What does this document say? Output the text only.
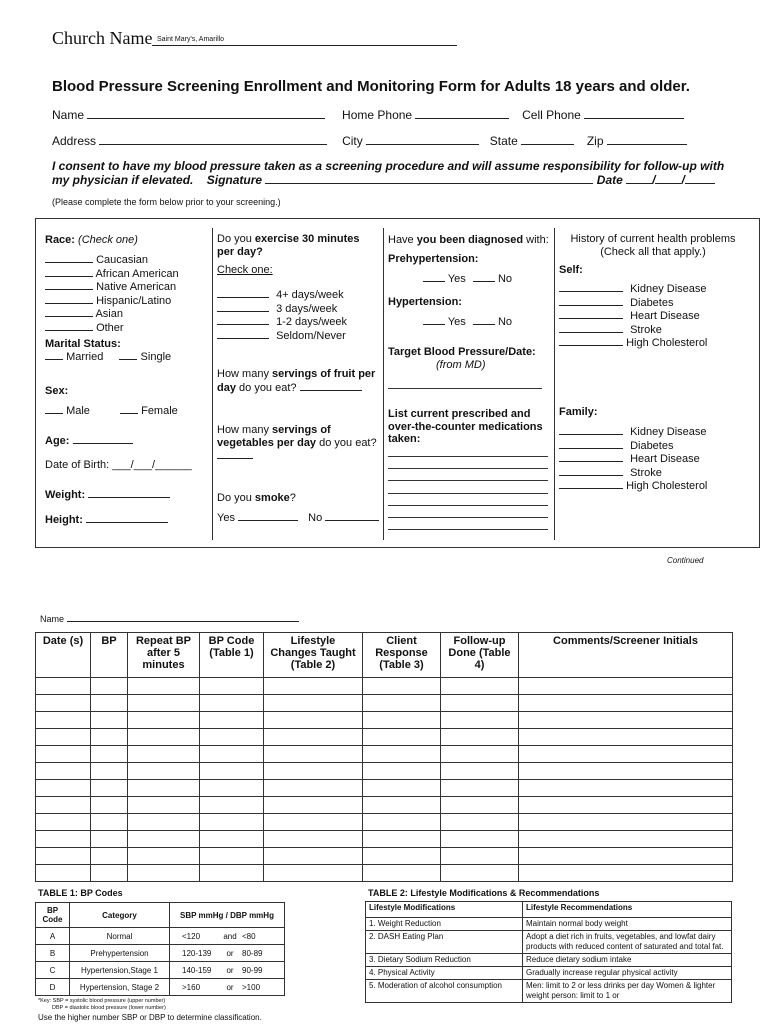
Church Name Saint Mary's, Amarillo
Blood Pressure Screening Enrollment and Monitoring Form for Adults 18 years and older.
Name	Home Phone	Cell Phone
Address	City	State	Zip
I consent to have my blood pressure taken as a screening procedure and will assume responsibility for follow-up with my physician if elevated. Signature	Date / /
(Please complete the form below prior to your screening.)
Race: (Check one)
Caucasian
African American
Native American
Hispanic/Latino
Asian
Other
Marital Status:
Married	Single
Sex:
Male	Female
Age:
Date of Birth: ___/___/______
Weight:
Height:
Do you exercise 30 minutes per day?
Check one:
4+ days/week
3 days/week
1-2 days/week
Seldom/Never
How many servings of fruit per day do you eat?
How many servings of vegetables per day do you eat?
Do you smoke?
Yes	No
Have you been diagnosed with:
Prehypertension:
Yes	No
Hypertension:
Yes	No
Target Blood Pressure/Date:
(from MD)
List current prescribed and over-the-counter medications taken:
History of current health problems
(Check all that apply.)
Self:
Kidney Disease
Diabetes
Heart Disease
Stroke
High Cholesterol
Family:
Kidney Disease
Diabetes
Heart Disease
Stroke
High Cholesterol
Continued
Name
Date (s)	BP	Repeat BP after 5 minutes	BP Code (Table 1)	Lifestyle Changes Taught (Table 2)	Client Response (Table 3)	Follow-up Done (Table 4)	Comments/Screener Initials

TABLE 1: BP Codes
BP Code	Category	SBP mmHg / DBP mmHg
A	Normal	<120 and <80
B	Prehypertension	120-139 or 80-89
C	Hypertension,Stage 1	140-159 or 90-99
D	Hypertension, Stage 2	>160 or >100
*Key: SBP = systolic blood pressure (upper number)
DBP = diastolic blood pressure (lower number)
Use the higher number SBP or DBP to determine classification.
TABLE 2: Lifestyle Modifications & Recommendations
Lifestyle Modifications	Lifestyle Recommendations
1. Weight Reduction	Maintain normal body weight
2. DASH Eating Plan	Adopt a diet rich in fruits, vegetables, and lowfat dairy products with reduced content of saturated and total fat.
3. Dietary Sodium Reduction	Reduce dietary sodium intake
4. Physical Activity	Gradually increase regular physical activity
5. Moderation of alcohol consumption	Men: limit to 2 or less drinks per day Women & lighter weight person: limit to 1 or
